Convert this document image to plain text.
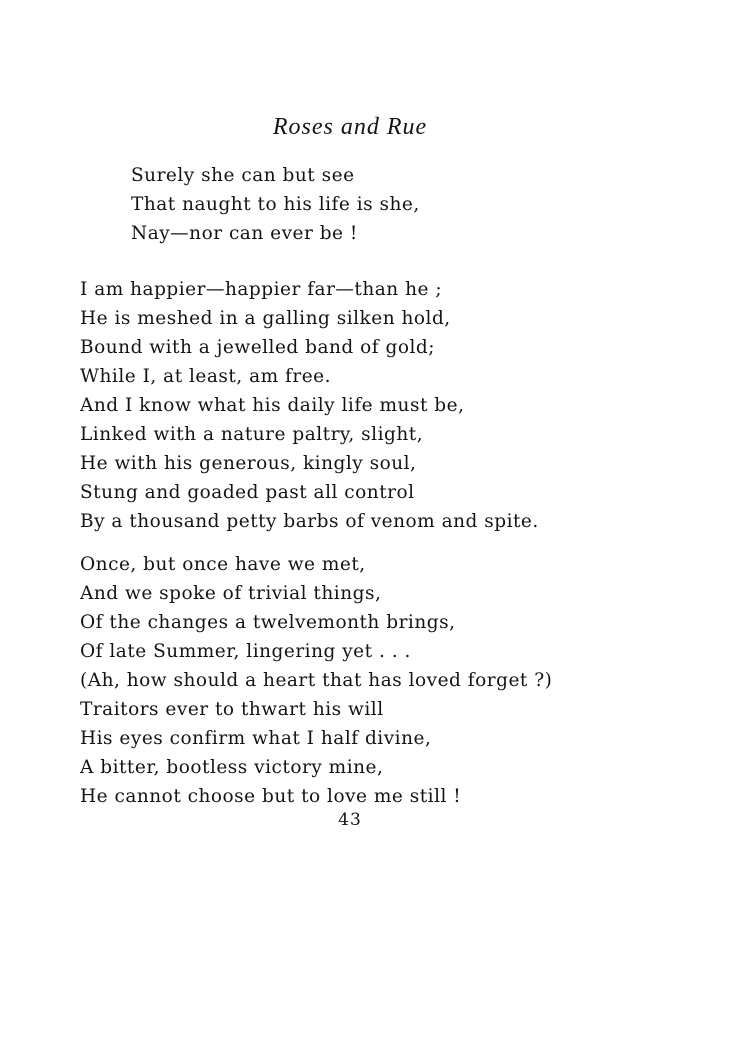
Roses and Rue
Surely she can but see
That naught to his life is she,
Nay—nor can ever be !
I am happier—happier far—than he ;
He is meshed in a galling silken hold,
Bound with a jewelled band of gold;
While I, at least, am free.
And I know what his daily life must be,
Linked with a nature paltry, slight,
He with his generous, kingly soul,
Stung and goaded past all control
By a thousand petty barbs of venom and spite.
Once, but once have we met,
And we spoke of trivial things,
Of the changes a twelvemonth brings,
Of late Summer, lingering yet . . .
(Ah, how should a heart that has loved forget ?)
Traitors ever to thwart his will
His eyes confirm what I half divine,
A bitter, bootless victory mine,
He cannot choose but to love me still !
43
